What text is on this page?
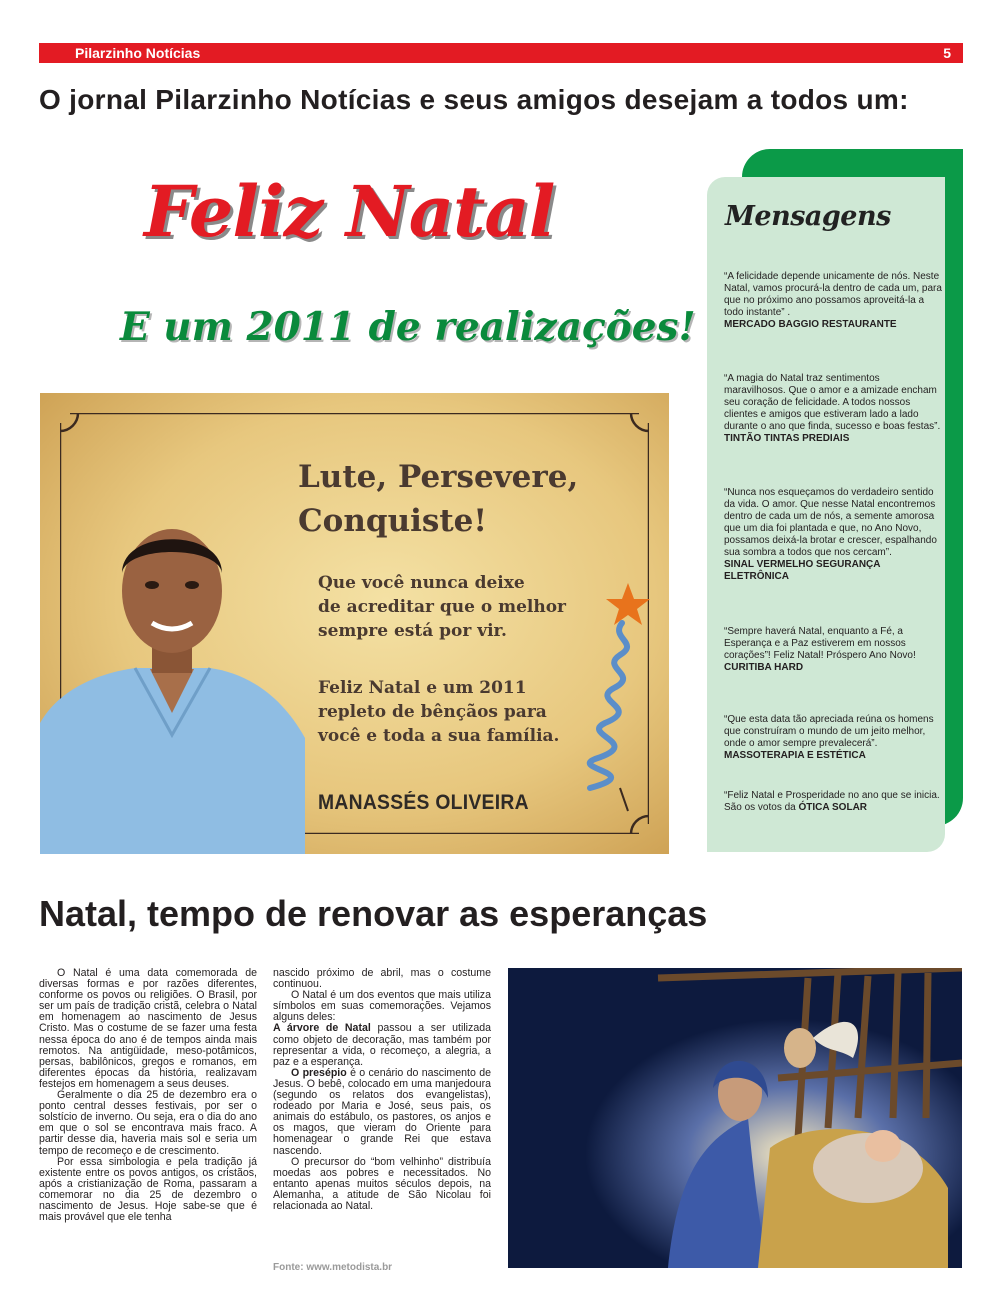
Pilarzinho Notícias	5
O jornal Pilarzinho Notícias e seus amigos desejam a todos um:
Feliz Natal
E um 2011 de realizações!
Lute, Persevere,
Conquiste!
Que você nunca deixe
de acreditar que o melhor
sempre está por vir.
Feliz Natal e um 2011
repleto de bênçãos para
você e toda a sua família.
MANASSÉS OLIVEIRA
Mensagens
“A felicidade depende unicamente de nós. Neste Natal, vamos procurá-la dentro de cada um, para que no próximo ano possamos aproveitá-la a todo instante” .
MERCADO BAGGIO RESTAURANTE
“A magia do Natal traz sentimentos maravilhosos. Que o amor e a amizade encham seu coração de felicidade. A todos nossos clientes e amigos que estiveram lado a lado durante o ano que finda, sucesso e boas festas”.
TINTÃO TINTAS PREDIAIS
“Nunca nos esqueçamos do verdadeiro sentido da vida. O amor. Que nesse Natal encontremos dentro de cada um de nós, a semente amorosa que um dia foi plantada e que, no Ano Novo, possamos deixá-la brotar e crescer, espalhando sua sombra a todos que nos cercam”.
SINAL VERMELHO SEGURANÇA ELETRÔNICA
“Sempre haverá Natal, enquanto a Fé, a Esperança e a Paz estiverem em nossos corações”! Feliz Natal! Próspero Ano Novo!
CURITIBA HARD
“Que esta data tão apreciada reúna os homens que construíram o mundo de um jeito melhor, onde o amor sempre prevalecerá”.
MASSOTERAPIA E ESTÉTICA
“Feliz Natal e Prosperidade no ano que se inicia. São os votos da ÓTICA SOLAR
Natal, tempo de renovar as esperanças

O Natal é uma data comemorada de diversas formas e por razões diferentes, conforme os povos ou religiões. O Brasil, por ser um país de tradição cristã, celebra o Natal em homenagem ao nascimento de Jesus Cristo. Mas o costume de se fazer uma festa nessa época do ano é de tempos ainda mais remotos. Na antigüidade, meso-potâmicos, persas, babilônicos, gregos e romanos, em diferentes épocas da história, realizavam festejos em homenagem a seus deuses.

Geralmente o dia 25 de dezembro era o ponto central desses festivais, por ser o solstício de inverno. Ou seja, era o dia do ano em que o sol se encontrava mais fraco. A partir desse dia, haveria mais sol e seria um tempo de recomeço e de crescimento.

Por essa simbologia e pela tradição já existente entre os povos antigos, os cristãos, após a cristianização de Roma, passaram a comemorar no dia 25 de dezembro o nascimento de Jesus. Hoje sabe-se que é mais provável que ele tenha

nascido próximo de abril, mas o costume continuou.

O Natal é um dos eventos que mais utiliza símbolos em suas comemorações. Vejamos alguns deles:

A árvore de Natal passou a ser utilizada como objeto de decoração, mas também por representar a vida, o recomeço, a alegria, a paz e a esperança.

O presépio é o cenário do nascimento de Jesus. O bebê, colocado em uma manjedoura (segundo os relatos dos evangelistas), rodeado por Maria e José, seus pais, os animais do estábulo, os pastores, os anjos e os magos, que vieram do Oriente para homenagear o grande Rei que estava nascendo.

O precursor do “bom velhinho” distribuía moedas aos pobres e necessitados. No entanto apenas muitos séculos depois, na Alemanha, a atitude de São Nicolau foi relacionada ao Natal.

Fonte: www.metodista.br
